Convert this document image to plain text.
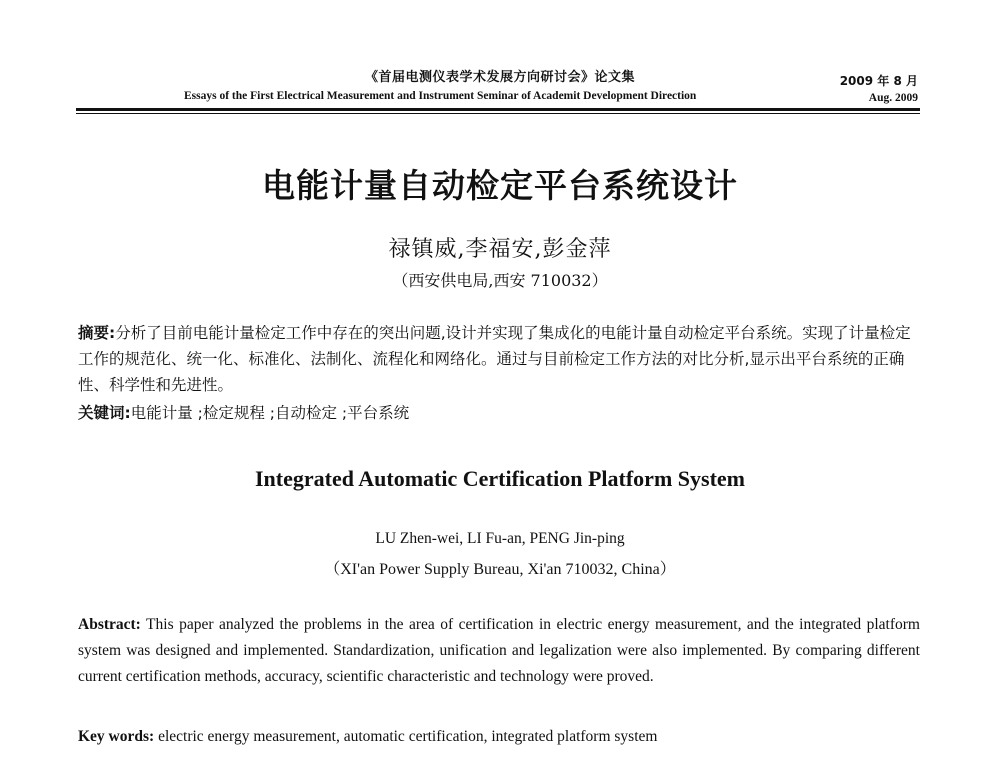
《首届电测仪表学术发展方向研讨会》论文集
Essays of the First Electrical Measurement and Instrument Seminar of Academit Development Direction
2009 年 8 月
Aug. 2009
电能计量自动检定平台系统设计
禄镇威,李福安,彭金萍
（西安供电局,西安 710032）
摘要:分析了目前电能计量检定工作中存在的突出问题,设计并实现了集成化的电能计量自动检定平台系统。实现了计量检定工作的规范化、统一化、标准化、法制化、流程化和网络化。通过与目前检定工作方法的对比分析,显示出平台系统的正确性、科学性和先进性。
关键词:电能计量 ;检定规程 ;自动检定 ;平台系统
Integrated Automatic Certification Platform System
LU Zhen-wei, LI Fu-an, PENG Jin-ping
（XI'an Power Supply Bureau, Xi'an 710032, China）
Abstract: This paper analyzed the problems in the area of certification in electric energy measurement, and the integrated platform system was designed and implemented. Standardization, unification and legalization were also implemented. By comparing different current certification methods, accuracy, scientific characteristic and technology were proved.
Key words: electric energy measurement, automatic certification, integrated platform system
